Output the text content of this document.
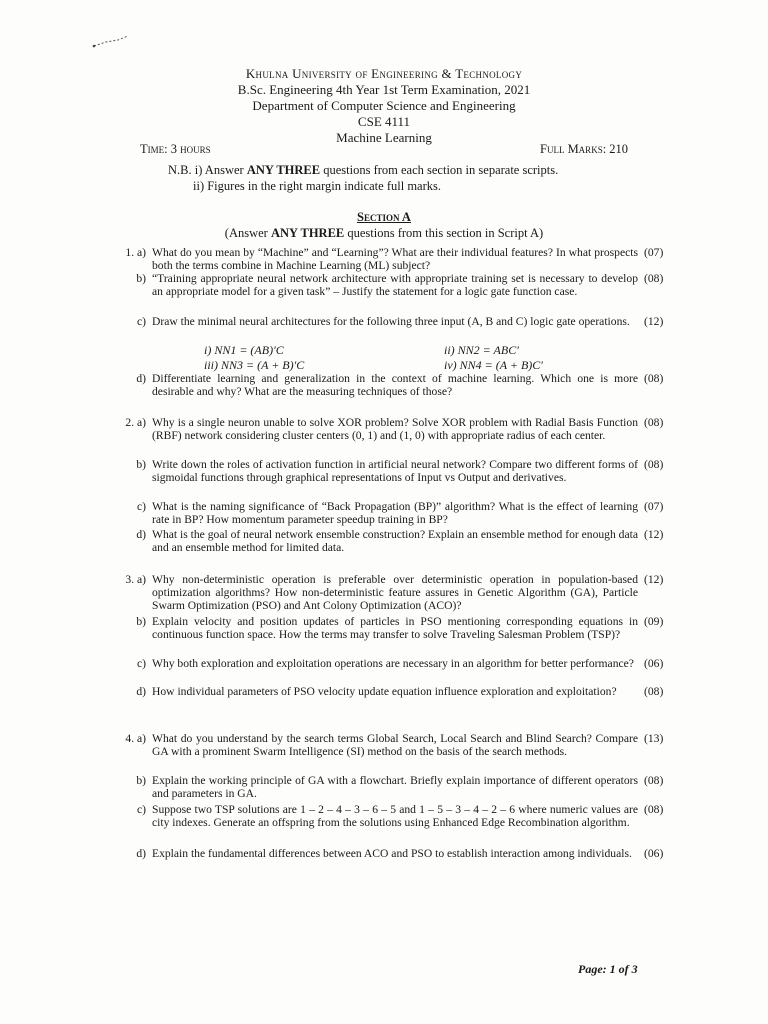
Khulna University of Engineering & Technology
B.Sc. Engineering 4th Year 1st Term Examination, 2021
Department of Computer Science and Engineering
CSE 4111
Machine Learning
Time: 3 hours	Full Marks: 210
N.B. i) Answer ANY THREE questions from each section in separate scripts.
ii) Figures in the right margin indicate full marks.
Section A
(Answer ANY THREE questions from this section in Script A)
1. a) What do you mean by “Machine” and “Learning”? What are their individual features? In what prospects both the terms combine in Machine Learning (ML) subject?
(07)
b) “Training appropriate neural network architecture with appropriate training set is necessary to develop an appropriate model for a given task” – Justify the statement for a logic gate function case.
(08)
c) Draw the minimal neural architectures for the following three input (A, B and C) logic gate operations.	(12)
d) Differentiate learning and generalization in the context of machine learning. Which one is more desirable and why? What are the measuring techniques of those?
(08)
2. a) Why is a single neuron unable to solve XOR problem? Solve XOR problem with Radial Basis Function (RBF) network considering cluster centers (0, 1) and (1, 0) with appropriate radius of each center.
(08)
b) Write down the roles of activation function in artificial neural network? Compare two different forms of sigmoidal functions through graphical representations of Input vs Output and derivatives.
(08)
c) What is the naming significance of “Back Propagation (BP)” algorithm? What is the effect of learning rate in BP? How momentum parameter speedup training in BP?
(07)
d) What is the goal of neural network ensemble construction? Explain an ensemble method for enough data and an ensemble method for limited data.
(12)
3. a) Why non-deterministic operation is preferable over deterministic operation in population-based optimization algorithms? How non-deterministic feature assures in Genetic Algorithm (GA), Particle Swarm Optimization (PSO) and Ant Colony Optimization (ACO)?
(12)
b) Explain velocity and position updates of particles in PSO mentioning corresponding equations in continuous function space. How the terms may transfer to solve Traveling Salesman Problem (TSP)?
(09)
c) Why both exploration and exploitation operations are necessary in an algorithm for better performance? (06)
d) How individual parameters of PSO velocity update equation influence exploration and exploitation?	(08)
4. a) What do you understand by the search terms Global Search, Local Search and Blind Search? Compare GA with a prominent Swarm Intelligence (SI) method on the basis of the search methods.
(13)
b) Explain the working principle of GA with a flowchart. Briefly explain importance of different operators and parameters in GA.
(08)
c) Suppose two TSP solutions are 1 – 2 – 4 – 3 – 6 – 5 and 1 – 5 – 3 – 4 – 2 – 6 where numeric values are city indexes. Generate an offspring from the solutions using Enhanced Edge Recombination algorithm.
(08)
d) Explain the fundamental differences between ACO and PSO to establish interaction among individuals.	(06)
i) NN1 = (AB)′C	ii) NN2 = ABC′
iii) NN3 = (A + B)′C	iv) NN4 = (A + B)C′
Page: 1 of 3
